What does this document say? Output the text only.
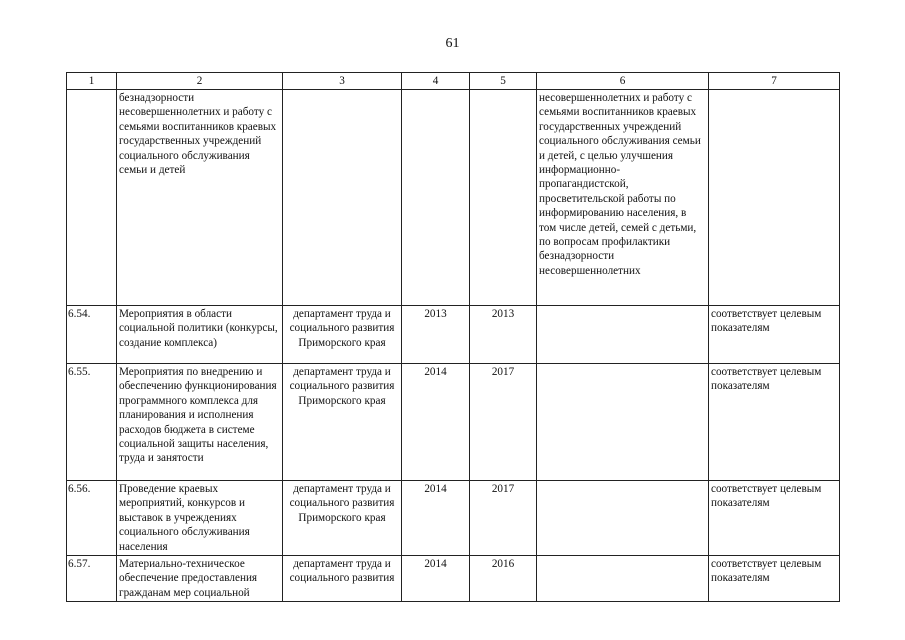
61
1	2	3	4	5	6	7
	безнадзорности несовершеннолетних и работу с семьями воспитанников краевых государственных учреждений социального обслуживания семьи и детей				несовершеннолетних и работу с семьями воспитанников краевых государственных учреждений социального обслуживания семьи и детей, с целью улучшения информационно-пропагандистской, просветительской работы по информированию населения, в том числе детей, семей с детьми, по вопросам профилактики безнадзорности несовершеннолетних	
6.54.	Мероприятия в области социальной политики (конкурсы, создание комплекса)	департамент труда и социального развития Приморского края	2013	2013		соответствует целевым показателям
6.55.	Мероприятия по внедрению и обеспечению функционирования программного комплекса для планирования и исполнения расходов бюджета в системе социальной защиты населения, труда и занятости	департамент труда и социального развития Приморского края	2014	2017		соответствует целевым показателям
6.56.	Проведение краевых мероприятий, конкурсов и выставок в учреждениях социального обслуживания населения	департамент труда и социального развития Приморского края	2014	2017		соответствует целевым показателям
6.57.	Материально-техническое обеспечение предоставления гражданам мер социальной	департамент труда и социального развития	2014	2016		соответствует целевым показателям
